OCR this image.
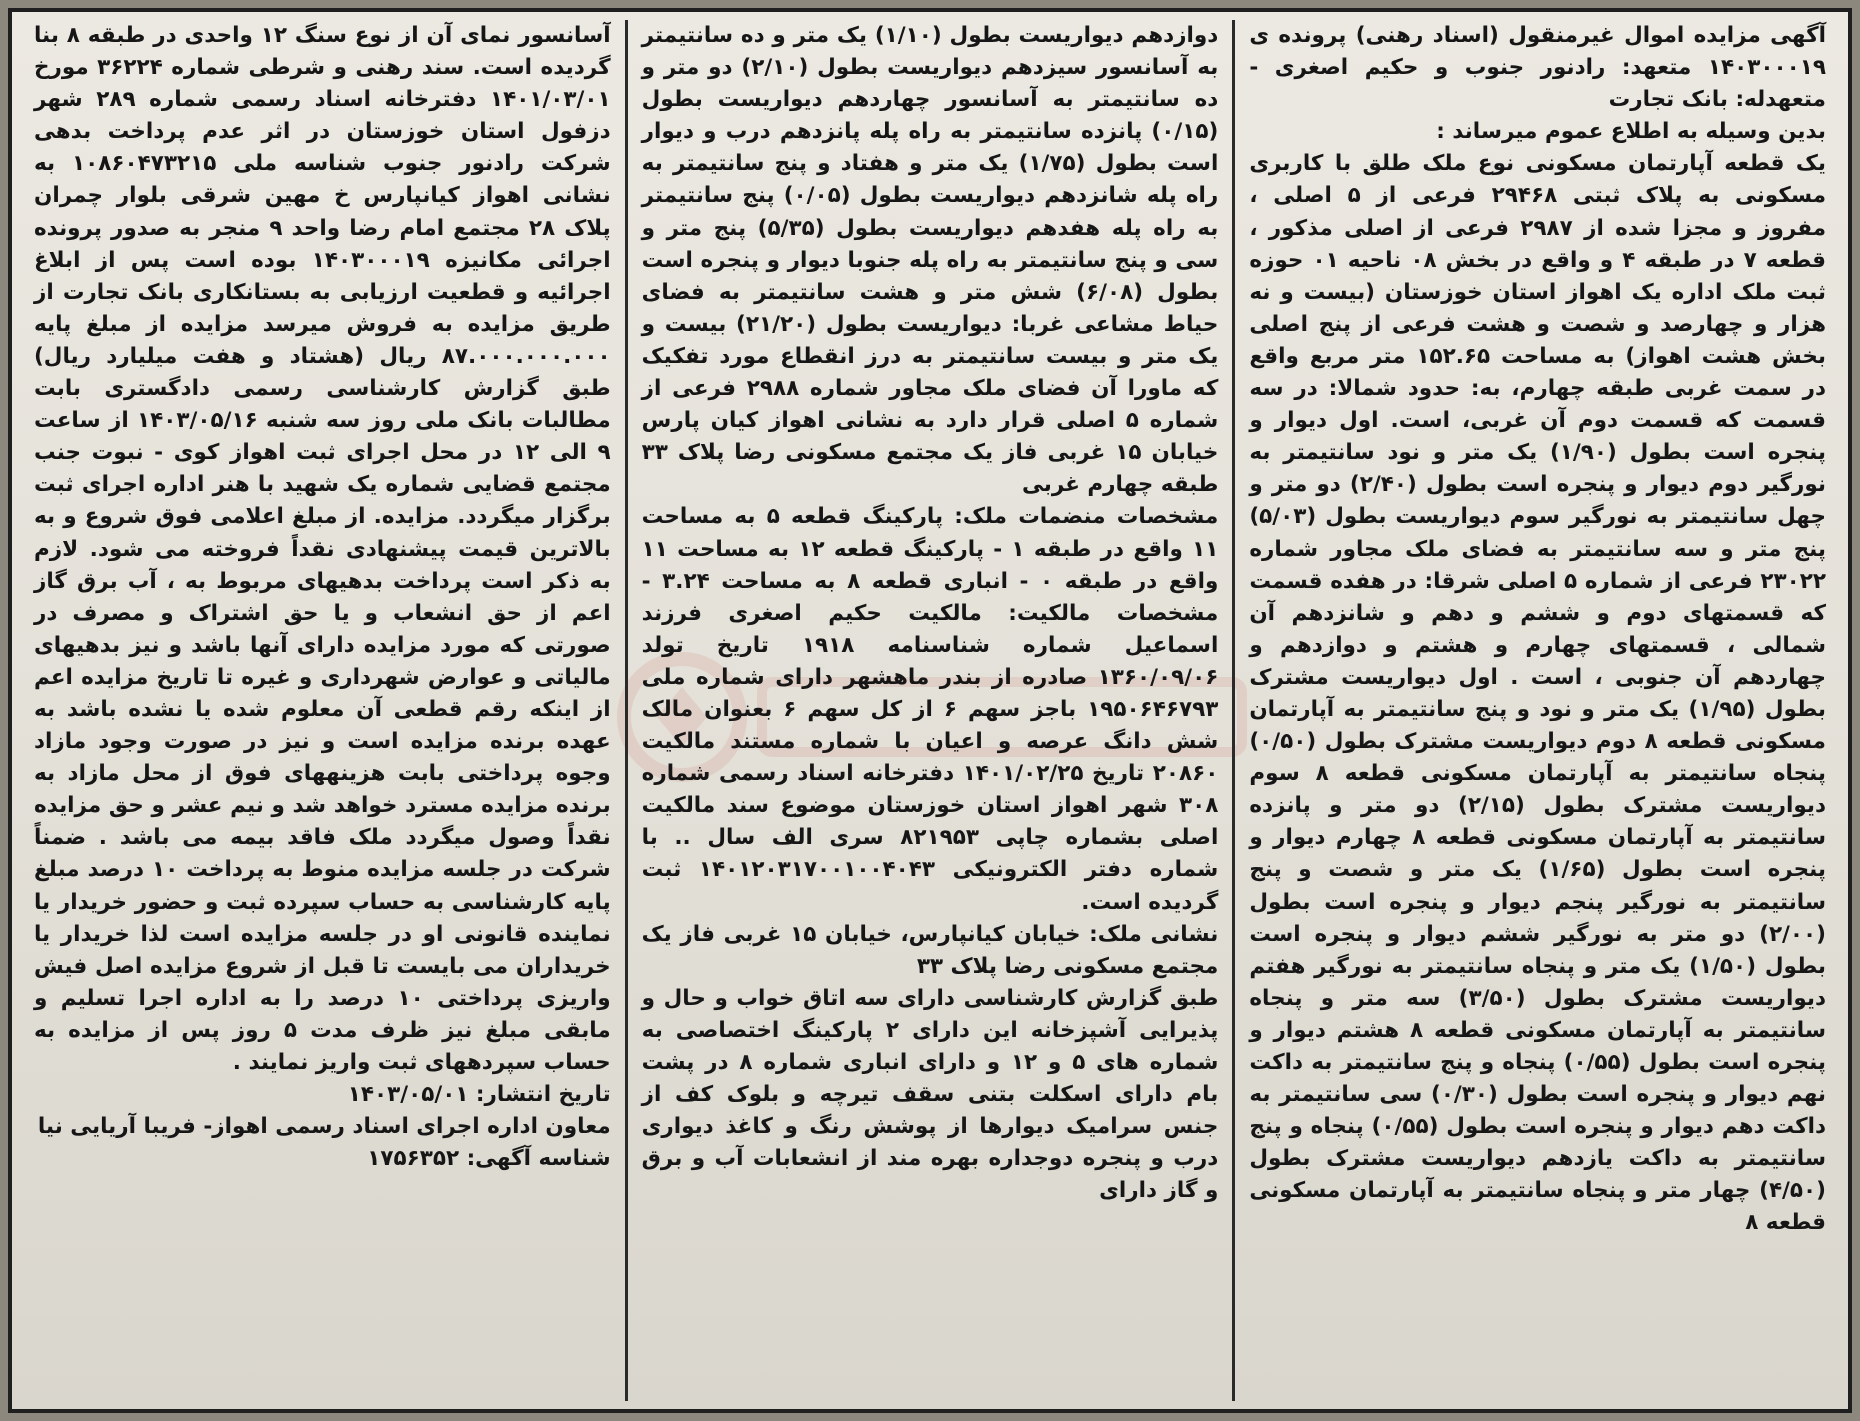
آگهی مزایده اموال غیرمنقول (اسناد رهنی) پرونده ی ۱۴۰۳۰۰۰۱۹ متعهد: رادنور جنوب و حکیم اصغری - متعهدله: بانک تجارت

بدین وسیله به اطلاع عموم میرساند :

یک قطعه آپارتمان مسکونی نوع ملک طلق با کاربری مسکونی به پلاک ثبتی ۲۹۴۶۸ فرعی از ۵ اصلی ، مفروز و مجزا شده از ۲۹۸۷ فرعی از اصلی مذکور ، قطعه ۷ در طبقه ۴ و واقع در بخش ۰۸ ناحیه ۰۱ حوزه ثبت ملک اداره یک اهواز استان خوزستان (بیست و نه هزار و چهارصد و شصت و هشت فرعی از پنج اصلی بخش هشت اهواز) به مساحت ۱۵۲.۶۵ متر مربع واقع در سمت غربی طبقه چهارم، به: حدود شمالا: در سه قسمت که قسمت دوم آن غربی، است. اول دیوار و پنجره است بطول (۱/۹۰) یک متر و نود سانتیمتر به نورگیر دوم دیوار و پنجره است بطول (۲/۴۰) دو متر و چهل سانتیمتر به نورگیر سوم دیواریست بطول (۵/۰۳) پنج متر و سه سانتیمتر به فضای ملک مجاور شماره ۲۳۰۲۲ فرعی از شماره ۵ اصلی شرقا: در هفده قسمت که قسمتهای دوم و ششم و دهم و شانزدهم آن شمالی ، قسمتهای چهارم و هشتم و دوازدهم و چهاردهم آن جنوبی ، است . اول دیواریست مشترک بطول (۱/۹۵) یک متر و نود و پنج سانتیمتر به آپارتمان مسکونی قطعه ۸ دوم دیواریست مشترک بطول (۰/۵۰) پنجاه سانتیمتر به آپارتمان مسکونی قطعه ۸ سوم دیواریست مشترک بطول (۲/۱۵) دو متر و پانزده سانتیمتر به آپارتمان مسکونی قطعه ۸ چهارم دیوار و پنجره است بطول (۱/۶۵) یک متر و شصت و پنج سانتیمتر به نورگیر پنجم دیوار و پنجره است بطول (۲/۰۰) دو متر به نورگیر ششم دیوار و پنجره است بطول (۱/۵۰) یک متر و پنجاه سانتیمتر به نورگیر هفتم دیواریست مشترک بطول (۳/۵۰) سه متر و پنجاه سانتیمتر به آپارتمان مسکونی قطعه ۸ هشتم دیوار و پنجره است بطول (۰/۵۵) پنجاه و پنج سانتیمتر به داکت نهم دیوار و پنجره است بطول (۰/۳۰) سی سانتیمتر به داکت دهم دیوار و پنجره است بطول (۰/۵۵) پنجاه و پنج سانتیمتر به داکت یازدهم دیواریست مشترک بطول (۴/۵۰) چهار متر و پنجاه سانتیمتر به آپارتمان مسکونی قطعه ۸

دوازدهم دیواریست بطول (۱/۱۰) یک متر و ده سانتیمتر به آسانسور سیزدهم دیواریست بطول (۲/۱۰) دو متر و ده سانتیمتر به آسانسور چهاردهم دیواریست بطول (۰/۱۵) پانزده سانتیمتر به راه پله پانزدهم درب و دیوار است بطول (۱/۷۵) یک متر و هفتاد و پنج سانتیمتر به راه پله شانزدهم دیواریست بطول (۰/۰۵) پنج سانتیمتر به راه پله هفدهم دیواریست بطول (۵/۳۵) پنج متر و سی و پنج سانتیمتر به راه پله جنوبا دیوار و پنجره است بطول (۶/۰۸) شش متر و هشت سانتیمتر به فضای حیاط مشاعی غربا: دیواریست بطول (۲۱/۲۰) بیست و یک متر و بیست سانتیمتر به درز انقطاع مورد تفکیک که ماورا آن فضای ملک مجاور شماره ۲۹۸۸ فرعی از شماره ۵ اصلی قرار دارد به نشانی اهواز کیان پارس خیابان ۱۵ غربی فاز یک مجتمع مسکونی رضا پلاک ۳۳ طبقه چهارم غربی

مشخصات منضمات ملک: پارکینگ قطعه ۵ به مساحت ۱۱ واقع در طبقه ۱ - پارکینگ قطعه ۱۲ به مساحت ۱۱ واقع در طبقه ۰ - انباری قطعه ۸ به مساحت ۳.۲۴ - مشخصات مالکیت: مالکیت حکیم اصغری فرزند اسماعیل شماره شناسنامه ۱۹۱۸ تاریخ تولد ۱۳۶۰/۰۹/۰۶ صادره از بندر ماهشهر دارای شماره ملی ۱۹۵۰۶۴۶۷۹۳ باجز سهم ۶ از کل سهم ۶ بعنوان مالک شش دانگ عرصه و اعیان با شماره مستند مالکیت ۲۰۸۶۰ تاریخ ۱۴۰۱/۰۲/۲۵ دفترخانه اسناد رسمی شماره ۳۰۸ شهر اهواز استان خوزستان موضوع سند مالکیت اصلی بشماره چاپی ۸۲۱۹۵۳ سری الف سال .. با شماره دفتر الکترونیکی ۱۴۰۱۲۰۳۱۷۰۰۱۰۰۴۰۴۳ ثبت گردیده است.

نشانی ملک: خیابان کیانپارس، خیابان ۱۵ غربی فاز یک مجتمع مسکونی رضا پلاک ۳۳

طبق گزارش کارشناسی دارای سه اتاق خواب و حال و پذیرایی آشپزخانه این دارای ۲ پارکینگ اختصاصی به شماره های ۵ و ۱۲ و دارای انباری شماره ۸ در پشت بام دارای اسکلت بتنی سقف تیرچه و بلوک کف از جنس سرامیک دیوارها از پوشش رنگ و کاغذ دیواری درب و پنجره دوجداره بهره مند از انشعابات آب و برق و گاز دارای

آسانسور نمای آن از نوع سنگ ۱۲ واحدی در طبقه ۸ بنا گردیده است. سند رهنی و شرطی شماره ۳۶۲۲۴ مورخ ۱۴۰۱/۰۳/۰۱ دفترخانه اسناد رسمی شماره ۲۸۹ شهر دزفول استان خوزستان در اثر عدم پرداخت بدهی شرکت رادنور جنوب شناسه ملی ۱۰۸۶۰۴۷۳۲۱۵ به نشانی اهواز کیانپارس خ مهین شرقی بلوار چمران پلاک ۲۸ مجتمع امام رضا واحد ۹ منجر به صدور پرونده اجرائی مکانیزه ۱۴۰۳۰۰۰۱۹ بوده است پس از ابلاغ اجرائیه و قطعیت ارزیابی به بستانکاری بانک تجارت از طریق مزایده به فروش میرسد مزایده از مبلغ پایه ۸۷.۰۰۰.۰۰۰.۰۰۰ ریال (هشتاد و هفت میلیارد ریال) طبق گزارش کارشناسی رسمی دادگستری بابت مطالبات بانک ملی روز سه شنبه ۱۴۰۳/۰۵/۱۶ از ساعت ۹ الی ۱۲ در محل اجرای ثبت اهواز کوی - نبوت جنب مجتمع قضایی شماره یک شهید با هنر اداره اجرای ثبت برگزار میگردد. مزایده. از مبلغ اعلامی فوق شروع و به بالاترین قیمت پیشنهادی نقداً فروخته می شود. لازم به ذکر است پرداخت بدهیهای مربوط به ، آب برق گاز اعم از حق انشعاب و یا حق اشتراک و مصرف در صورتی که مورد مزایده دارای آنها باشد و نیز بدهیهای مالیاتی و عوارض شهرداری و غیره تا تاریخ مزایده اعم از اینکه رقم قطعی آن معلوم شده یا نشده باشد به عهده برنده مزایده است و نیز در صورت وجود مازاد وجوه پرداختی بابت هزینههای فوق از محل مازاد به برنده مزایده مسترد خواهد شد و نیم عشر و حق مزایده نقداً وصول میگردد ملک فاقد بیمه می باشد . ضمناً شرکت در جلسه مزایده منوط به پرداخت ۱۰ درصد مبلغ پایه کارشناسی به حساب سپرده ثبت و حضور خریدار یا نماینده قانونی او در جلسه مزایده است لذا خریدار یا خریداران می بایست تا قبل از شروع مزایده اصل فیش واریزی پرداختی ۱۰ درصد را به اداره اجرا تسلیم و مابقی مبلغ نیز ظرف مدت ۵ روز پس از مزایده به حساب سپردههای ثبت واریز نمایند .

تاریخ انتشار: ۱۴۰۳/۰۵/۰۱

معاون اداره اجرای اسناد رسمی اهواز- فریبا آریایی نیا

شناسه آگهی: ۱۷۵۶۳۵۲
